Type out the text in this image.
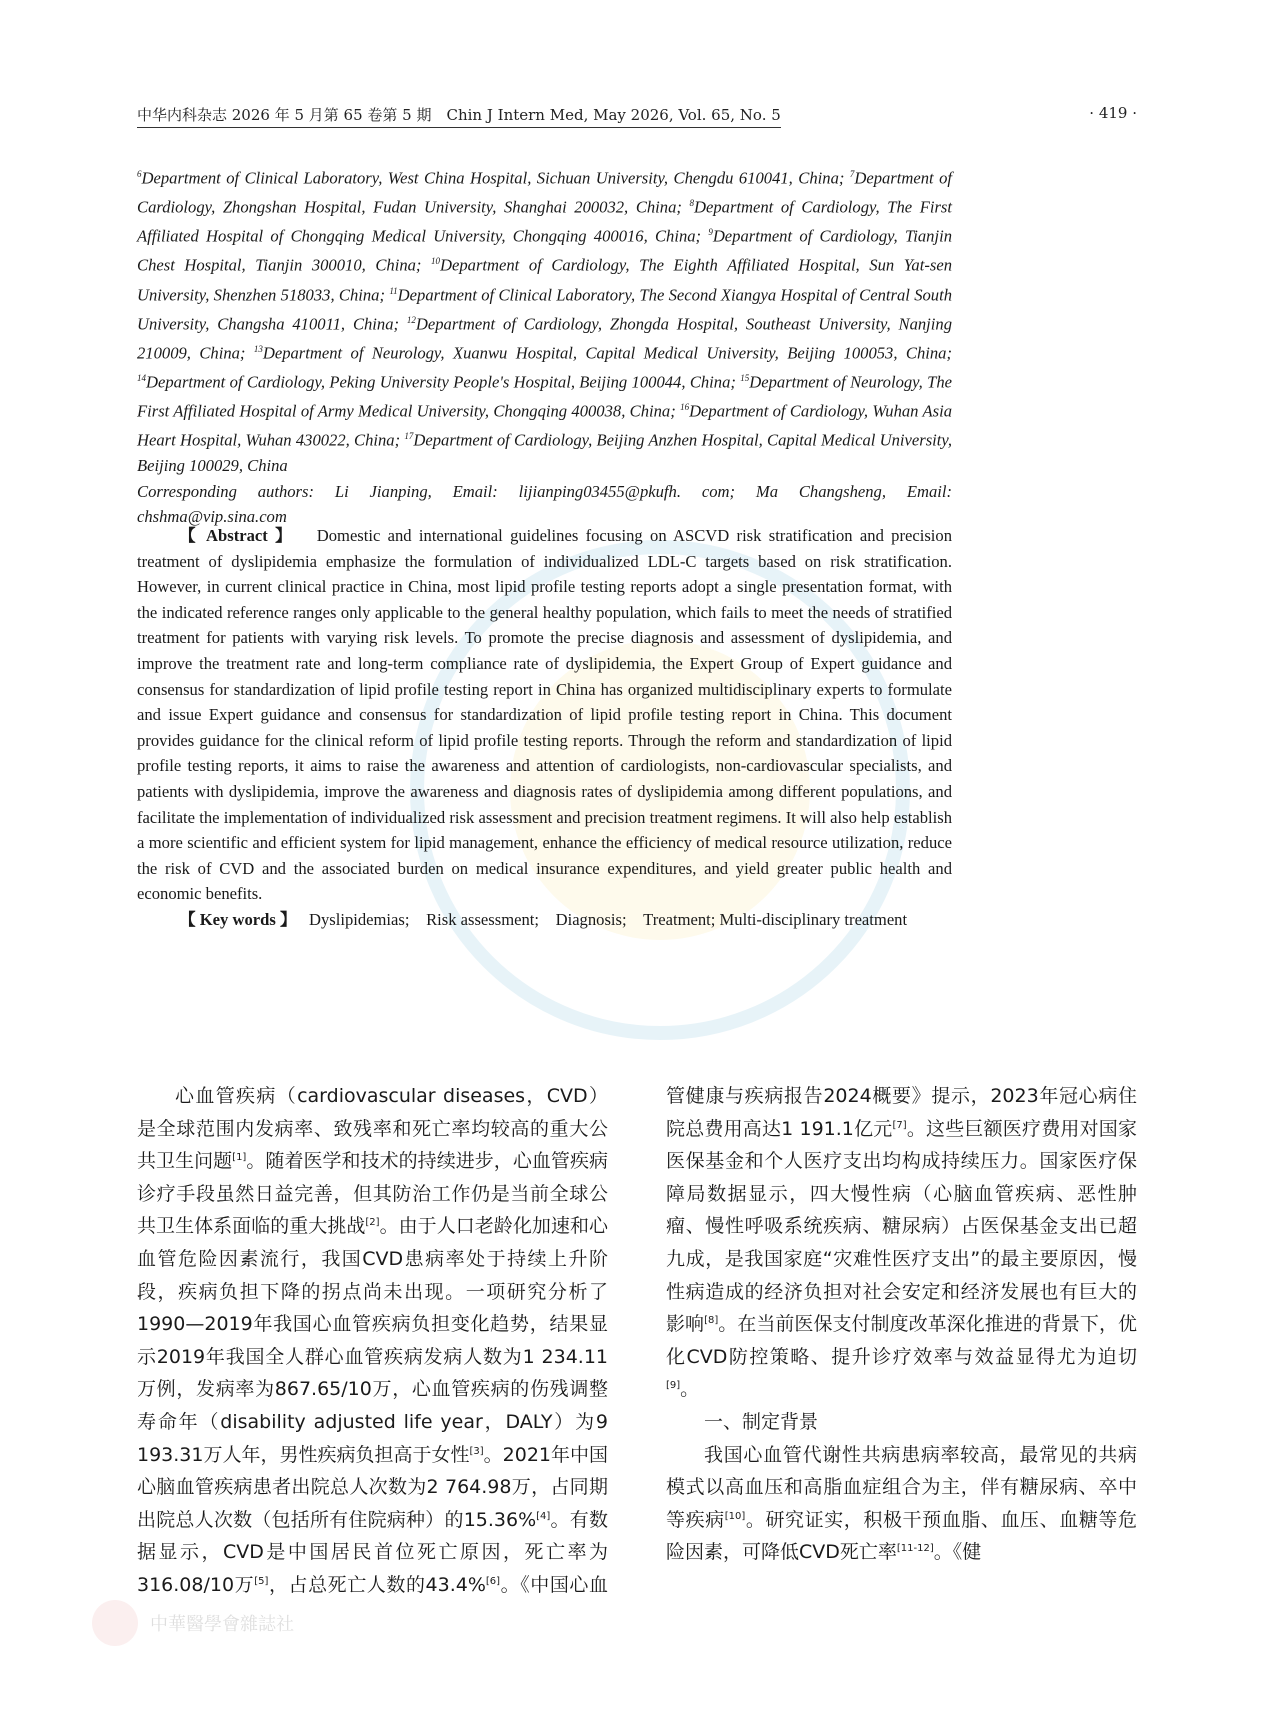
中华内科杂志 2026 年 5 月第 65 卷第 5 期　Chin J Intern Med, May 2026, Vol. 65, No. 5	· 419 ·

$^6$Department of Clinical Laboratory, West China Hospital, Sichuan University, Chengdu 610041, China; $^7$Department of Cardiology, Zhongshan Hospital, Fudan University, Shanghai 200032, China; $^8$Department of Cardiology, The First Affiliated Hospital of Chongqing Medical University, Chongqing 400016, China; $^9$Department of Cardiology, Tianjin Chest Hospital, Tianjin 300010, China; $^{10}$Department of Cardiology, The Eighth Affiliated Hospital, Sun Yat-sen University, Shenzhen 518033, China; $^{11}$Department of Clinical Laboratory, The Second Xiangya Hospital of Central South University, Changsha 410011, China; $^{12}$Department of Cardiology, Zhongda Hospital, Southeast University, Nanjing 210009, China; $^{13}$Department of Neurology, Xuanwu Hospital, Capital Medical University, Beijing 100053, China; $^{14}$Department of Cardiology, Peking University People's Hospital, Beijing 100044, China; $^{15}$Department of Neurology, The First Affiliated Hospital of Army Medical University, Chongqing 400038, China; $^{16}$Department of Cardiology, Wuhan Asia Heart Hospital, Wuhan 430022, China; $^{17}$Department of Cardiology, Beijing Anzhen Hospital, Capital Medical University, Beijing 100029, China

Corresponding authors: Li Jianping, Email: lijianping03455@pkufh. com; Ma Changsheng, Email: chshma@vip.sina.com

【 Abstract 】 Domestic and international guidelines focusing on ASCVD risk stratification and precision treatment of dyslipidemia emphasize the formulation of individualized LDL-C targets based on risk stratification. However, in current clinical practice in China, most lipid profile testing reports adopt a single presentation format, with the indicated reference ranges only applicable to the general healthy population, which fails to meet the needs of stratified treatment for patients with varying risk levels. To promote the precise diagnosis and assessment of dyslipidemia, and improve the treatment rate and long-term compliance rate of dyslipidemia, the Expert Group of Expert guidance and consensus for standardization of lipid profile testing report in China has organized multidisciplinary experts to formulate and issue Expert guidance and consensus for standardization of lipid profile testing report in China. This document provides guidance for the clinical reform of lipid profile testing reports. Through the reform and standardization of lipid profile testing reports, it aims to raise the awareness and attention of cardiologists, non-cardiovascular specialists, and patients with dyslipidemia, improve the awareness and diagnosis rates of dyslipidemia among different populations, and facilitate the implementation of individualized risk assessment and precision treatment regimens. It will also help establish a more scientific and efficient system for lipid management, enhance the efficiency of medical resource utilization, reduce the risk of CVD and the associated burden on medical insurance expenditures, and yield greater public health and economic benefits.

【 Key words 】 Dyslipidemias;　Risk assessment;　Diagnosis;　Treatment; Multi-disciplinary treatment

心血管疾病（cardiovascular diseases，CVD）是全球范围内发病率、致残率和死亡率均较高的重大公共卫生问题[1]。随着医学和技术的持续进步，心血管疾病诊疗手段虽然日益完善，但其防治工作仍是当前全球公共卫生体系面临的重大挑战[2]。由于人口老龄化加速和心血管危险因素流行，我国CVD患病率处于持续上升阶段，疾病负担下降的拐点尚未出现。一项研究分析了1990—2019年我国心血管疾病负担变化趋势，结果显示2019年我国全人群心血管疾病发病人数为1 234.11万例，发病率为867.65/10万，心血管疾病的伤残调整寿命年（disability adjusted life year，DALY）为9 193.31万人年，男性疾病负担高于女性[3]。2021年中国心脑血管疾病患者出院总人次数为2 764.98万，占同期出院总人次数（包括所有住院病种）的15.36%[4]。有数据显示，CVD是中国居民首位死亡原因，死亡率为316.08/10万[5]，占总死亡人数的43.4%[6]。《中国心血管健康与疾病报告2024概要》提示，2023年冠心病住院总费用高达1 191.1亿元[7]。这些巨额医疗费用对国家医保基金和个人医疗支出均构成持续压力。国家医疗保障局数据显示，四大慢性病（心脑血管疾病、恶性肿瘤、慢性呼吸系统疾病、糖尿病）占医保基金支出已超九成，是我国家庭“灾难性医疗支出”的最主要原因，慢性病造成的经济负担对社会安定和经济发展也有巨大的影响[8]。在当前医保支付制度改革深化推进的背景下，优化CVD防控策略、提升诊疗效率与效益显得尤为迫切[9]。

一、制定背景

我国心血管代谢性共病患病率较高，最常见的共病模式以高血压和高脂血症组合为主，伴有糖尿病、卒中等疾病[10]。研究证实，积极干预血脂、血压、血糖等危险因素，可降低CVD死亡率[11-12]。《健

中華醫學會雜誌社
